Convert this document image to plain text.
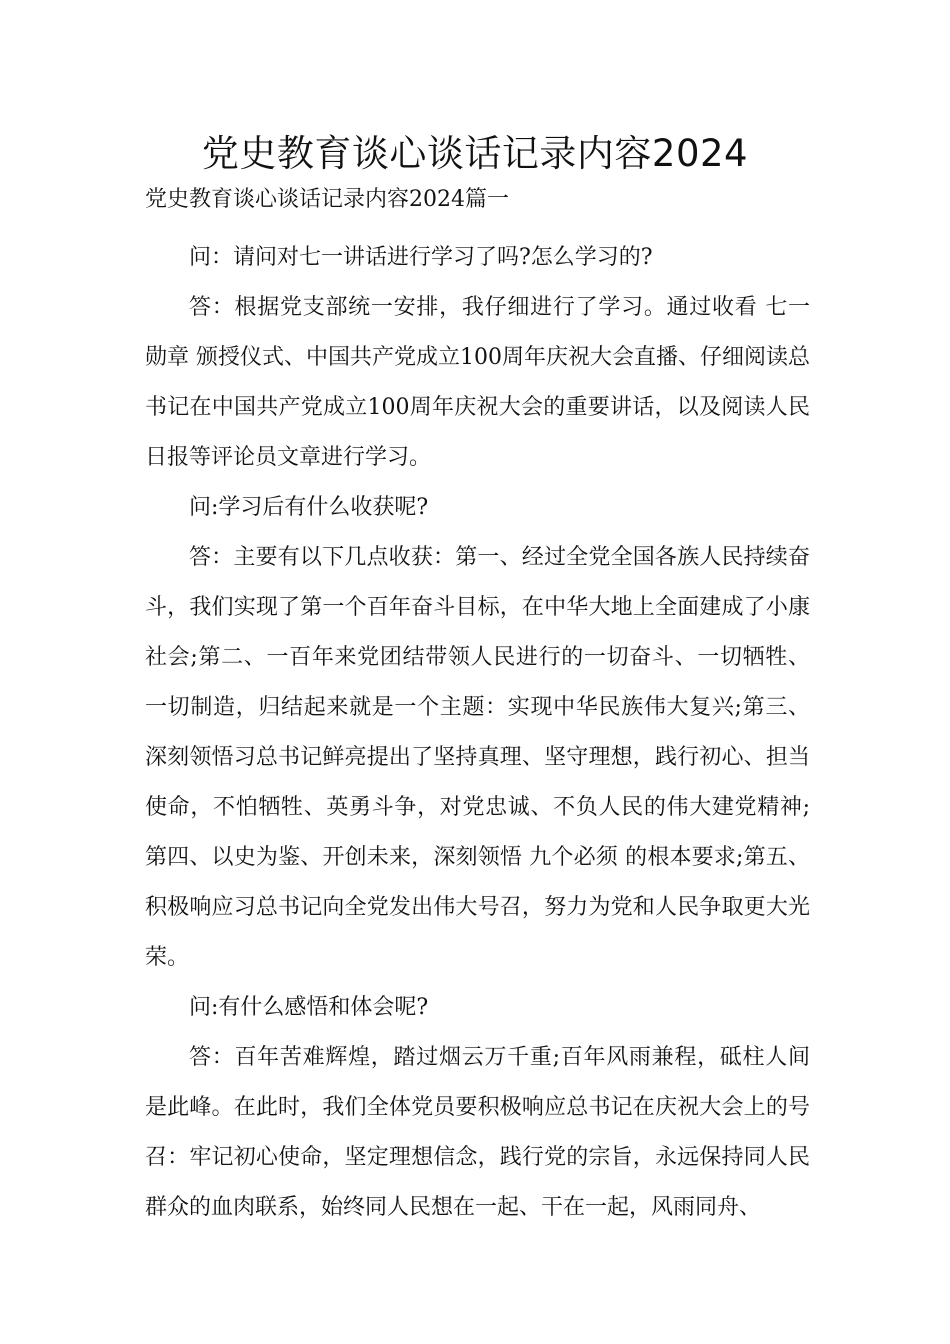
党史教育谈心谈话记录内容2024
党史教育谈心谈话记录内容2024篇一

问：请问对七一讲话进行学习了吗?怎么学习的?

答：根据党支部统一安排，我仔细进行了学习。通过收看 七一勋章 颁授仪式、中国共产党成立100周年庆祝大会直播、仔细阅读总书记在中国共产党成立100周年庆祝大会的重要讲话，以及阅读人民日报等评论员文章进行学习。

问:学习后有什么收获呢?

答：主要有以下几点收获：第一、经过全党全国各族人民持续奋斗，我们实现了第一个百年奋斗目标，在中华大地上全面建成了小康社会;第二、一百年来党团结带领人民进行的一切奋斗、一切牺牲、一切制造，归结起来就是一个主题：实现中华民族伟大复兴;第三、深刻领悟习总书记鲜亮提出了坚持真理、坚守理想，践行初心、担当使命，不怕牺牲、英勇斗争，对党忠诚、不负人民的伟大建党精神;第四、以史为鉴、开创未来，深刻领悟 九个必须 的根本要求;第五、积极响应习总书记向全党发出伟大号召，努力为党和人民争取更大光荣。

问:有什么感悟和体会呢?

答：百年苦难辉煌，踏过烟云万千重;百年风雨兼程，砥柱人间是此峰。在此时，我们全体党员要积极响应总书记在庆祝大会上的号召：牢记初心使命，坚定理想信念，践行党的宗旨，永远保持同人民群众的血肉联系，始终同人民想在一起、干在一起，风雨同舟、
